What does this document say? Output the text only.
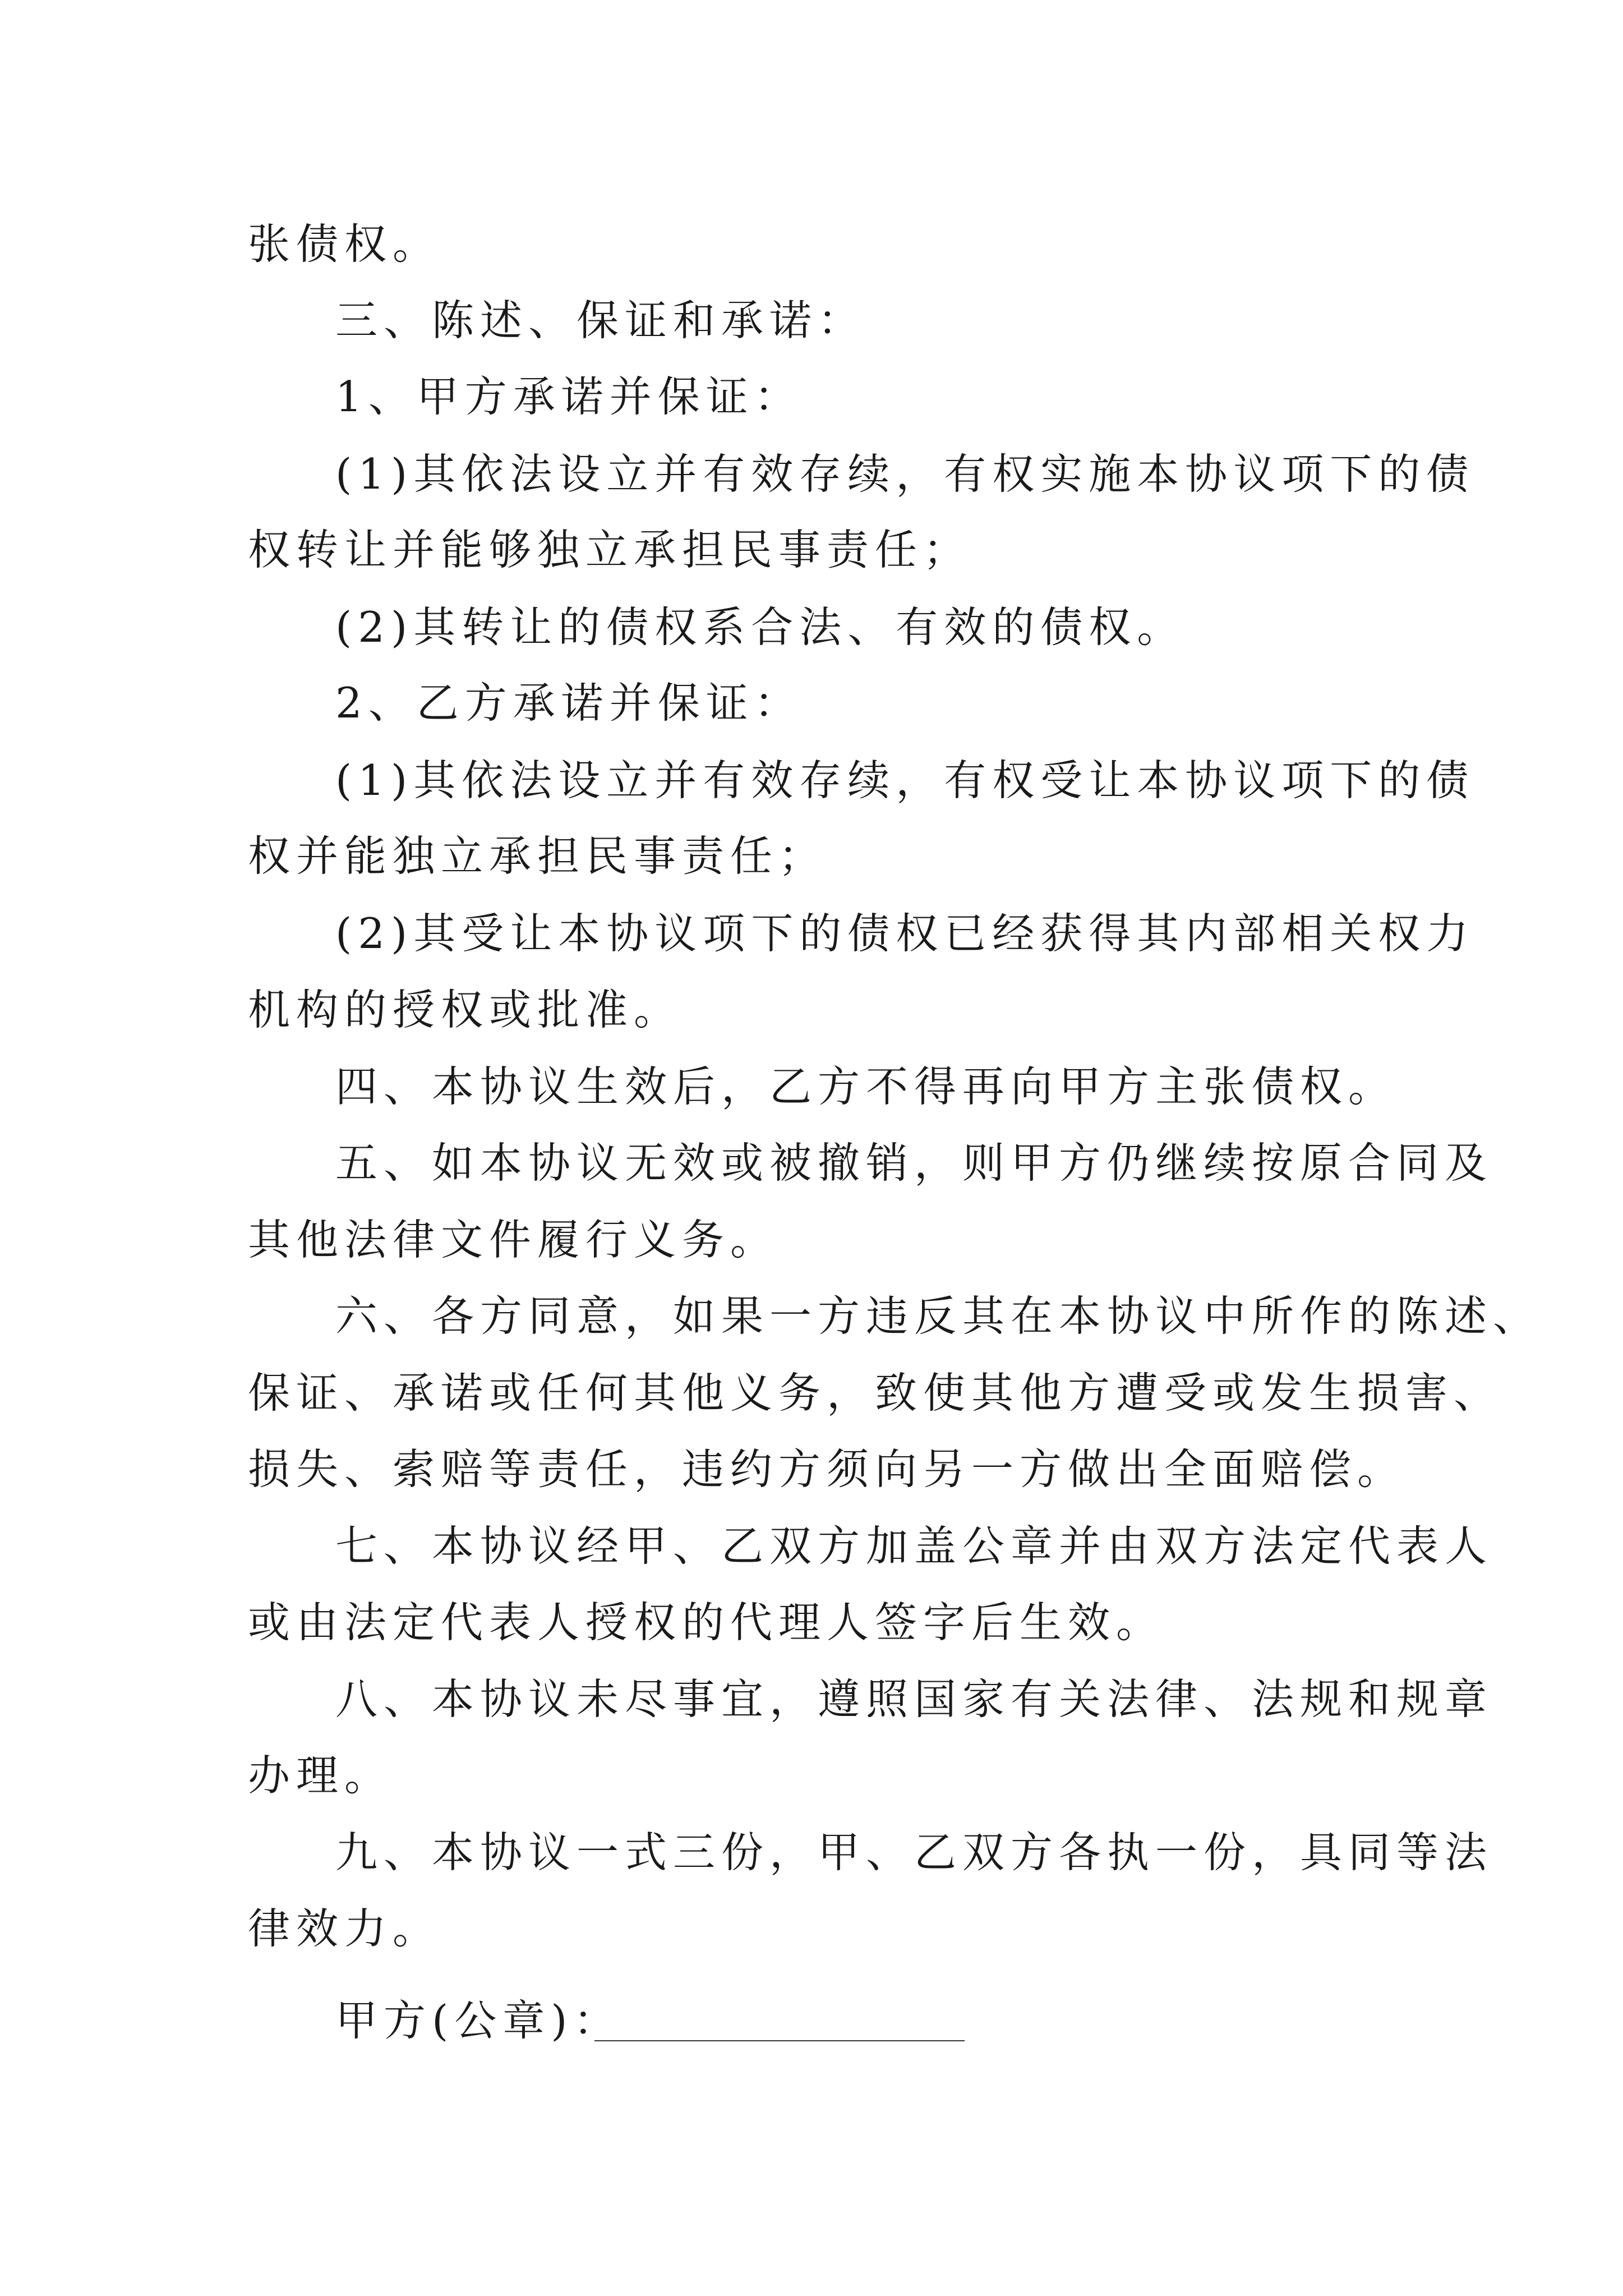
张债权。
三、陈述、保证和承诺：
1、甲方承诺并保证：
(1)其依法设立并有效存续，有权实施本协议项下的债
权转让并能够独立承担民事责任；
(2)其转让的债权系合法、有效的债权。
2、乙方承诺并保证：
(1)其依法设立并有效存续，有权受让本协议项下的债
权并能独立承担民事责任；
(2)其受让本协议项下的债权已经获得其内部相关权力
机构的授权或批准。
四、本协议生效后，乙方不得再向甲方主张债权。
五、如本协议无效或被撤销，则甲方仍继续按原合同及
其他法律文件履行义务。
六、各方同意，如果一方违反其在本协议中所作的陈述、
保证、承诺或任何其他义务，致使其他方遭受或发生损害、
损失、索赔等责任，违约方须向另一方做出全面赔偿。
七、本协议经甲、乙双方加盖公章并由双方法定代表人
或由法定代表人授权的代理人签字后生效。
八、本协议未尽事宜，遵照国家有关法律、法规和规章
办理。
九、本协议一式三份，甲、乙双方各执一份，具同等法
律效力。
甲方(公章)：
